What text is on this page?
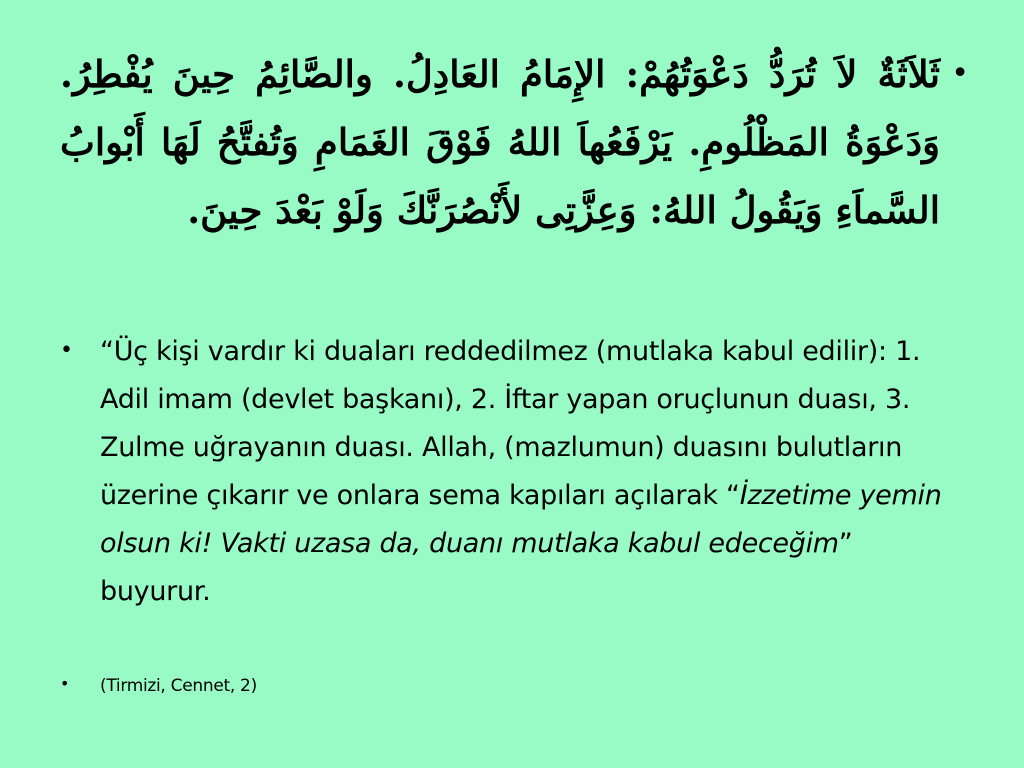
•
ثَلاَثَةٌ لاَ تُرَدُّ دَعْوَتُهُمْ: الإِمَامُ العَادِلُ. والصَّائِمُ حِينَ يُفْطِرُ. وَدَعْوَةُ المَظْلُومِ. يَرْفَعُهاَ اللهُ فَوْقَ الغَمَامِ وَتُفتَّحُ لَهَا أَبْوابُ السَّماَءِ وَيَقُولُ اللهُ: وَعِزَّتِى لأَنْصُرَنَّكَ وَلَوْ بَعْدَ حِينَ.
• “Üç kişi vardır ki duaları reddedilmez (mutlaka kabul edilir): 1. Adil imam (devlet başkanı), 2. İftar yapan oruçlunun duası, 3. Zulme uğrayanın duası. Allah, (mazlumun) duasını bulutların üzerine çıkarır ve onlara sema kapıları açılarak “İzzetime yemin olsun ki! Vakti uzasa da, duanı mutlaka kabul edeceğim” buyurur.
• (Tirmizi, Cennet, 2)
